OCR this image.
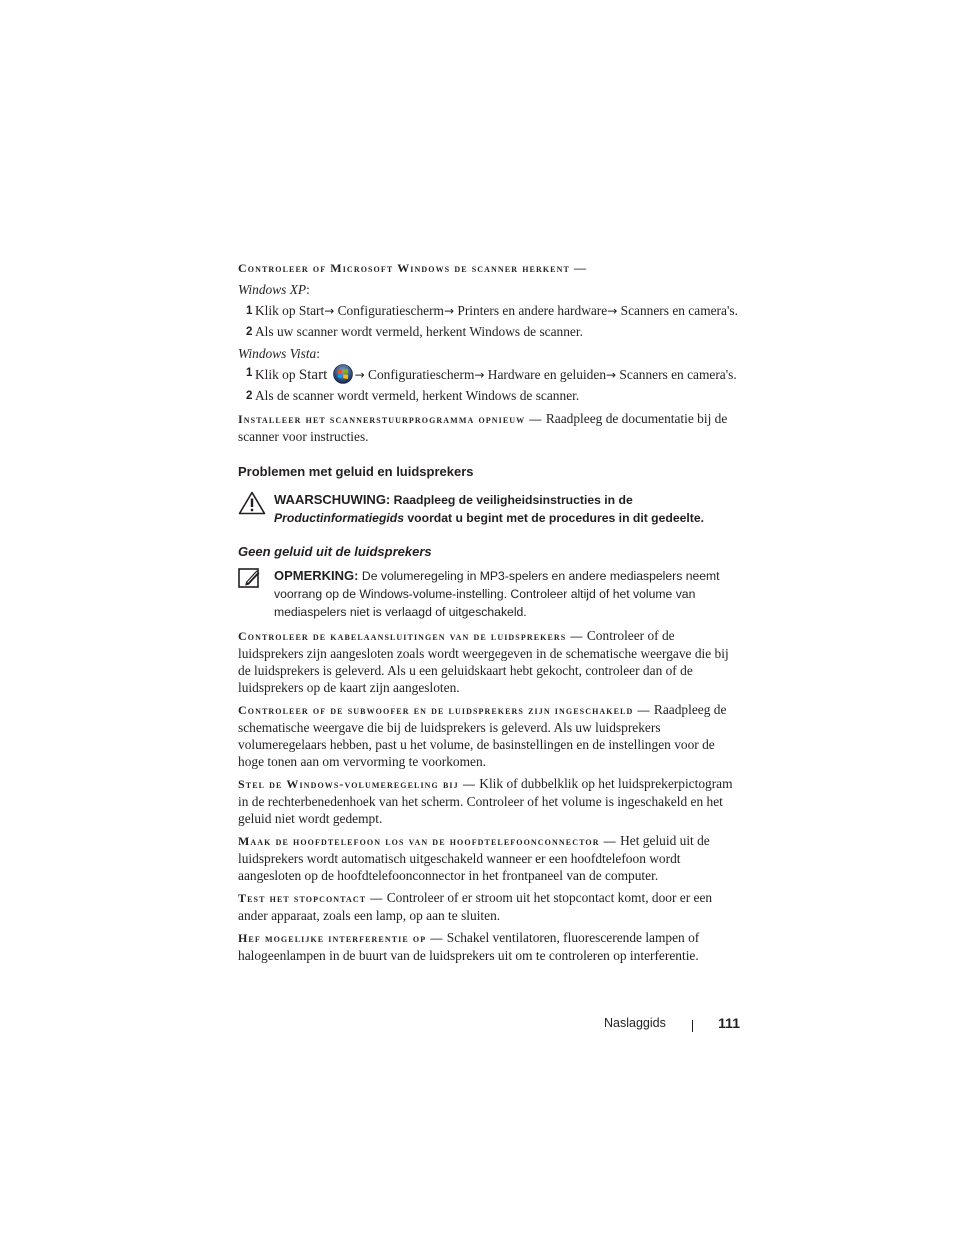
Controleer of Microsoft Windows de scanner herkent —

Windows XP:

1 Klik op Start→ Configuratiescherm→ Printers en andere hardware→ Scanners en camera's.
2 Als uw scanner wordt vermeld, herkent Windows de scanner.

Windows Vista:

1 Klik op Start → Configuratiescherm→ Hardware en geluiden→ Scanners en camera's.
2 Als de scanner wordt vermeld, herkent Windows de scanner.

Installeer het scannerstuurprogramma opnieuw — Raadpleeg de documentatie bij de scanner voor instructies.

Problemen met geluid en luidsprekers
WAARSCHUWING: Raadpleeg de veiligheidsinstructies in de Productinformatiegids voordat u begint met de procedures in dit gedeelte.
Geen geluid uit de luidsprekers
OPMERKING: De volumeregeling in MP3-spelers en andere mediaspelers neemt voorrang op de Windows-volume-instelling. Controleer altijd of het volume van mediaspelers niet is verlaagd of uitgeschakeld.

Controleer de kabelaansluitingen van de luidsprekers — Controleer of de luidsprekers zijn aangesloten zoals wordt weergegeven in de schematische weergave die bij de luidsprekers is geleverd. Als u een geluidskaart hebt gekocht, controleer dan of de luidsprekers op de kaart zijn aangesloten.

Controleer of de subwoofer en de luidsprekers zijn ingeschakeld — Raadpleeg de schematische weergave die bij de luidsprekers is geleverd. Als uw luidsprekers volumeregelaars hebben, past u het volume, de basinstellingen en de instellingen voor de hoge tonen aan om vervorming te voorkomen.

Stel de Windows-volumeregeling bij — Klik of dubbelklik op het luidsprekerpictogram in de rechterbenedenhoek van het scherm. Controleer of het volume is ingeschakeld en het geluid niet wordt gedempt.

Maak de hoofdtelefoon los van de hoofdtelefoonconnector — Het geluid uit de luidsprekers wordt automatisch uitgeschakeld wanneer er een hoofdtelefoon wordt aangesloten op de hoofdtelefoonconnector in het frontpaneel van de computer.

Test het stopcontact — Controleer of er stroom uit het stopcontact komt, door er een ander apparaat, zoals een lamp, op aan te sluiten.

Hef mogelijke interferentie op — Schakel ventilatoren, fluorescerende lampen of halogeenlampen in de buurt van de luidsprekers uit om te controleren op interferentie.

Naslaggids	111
